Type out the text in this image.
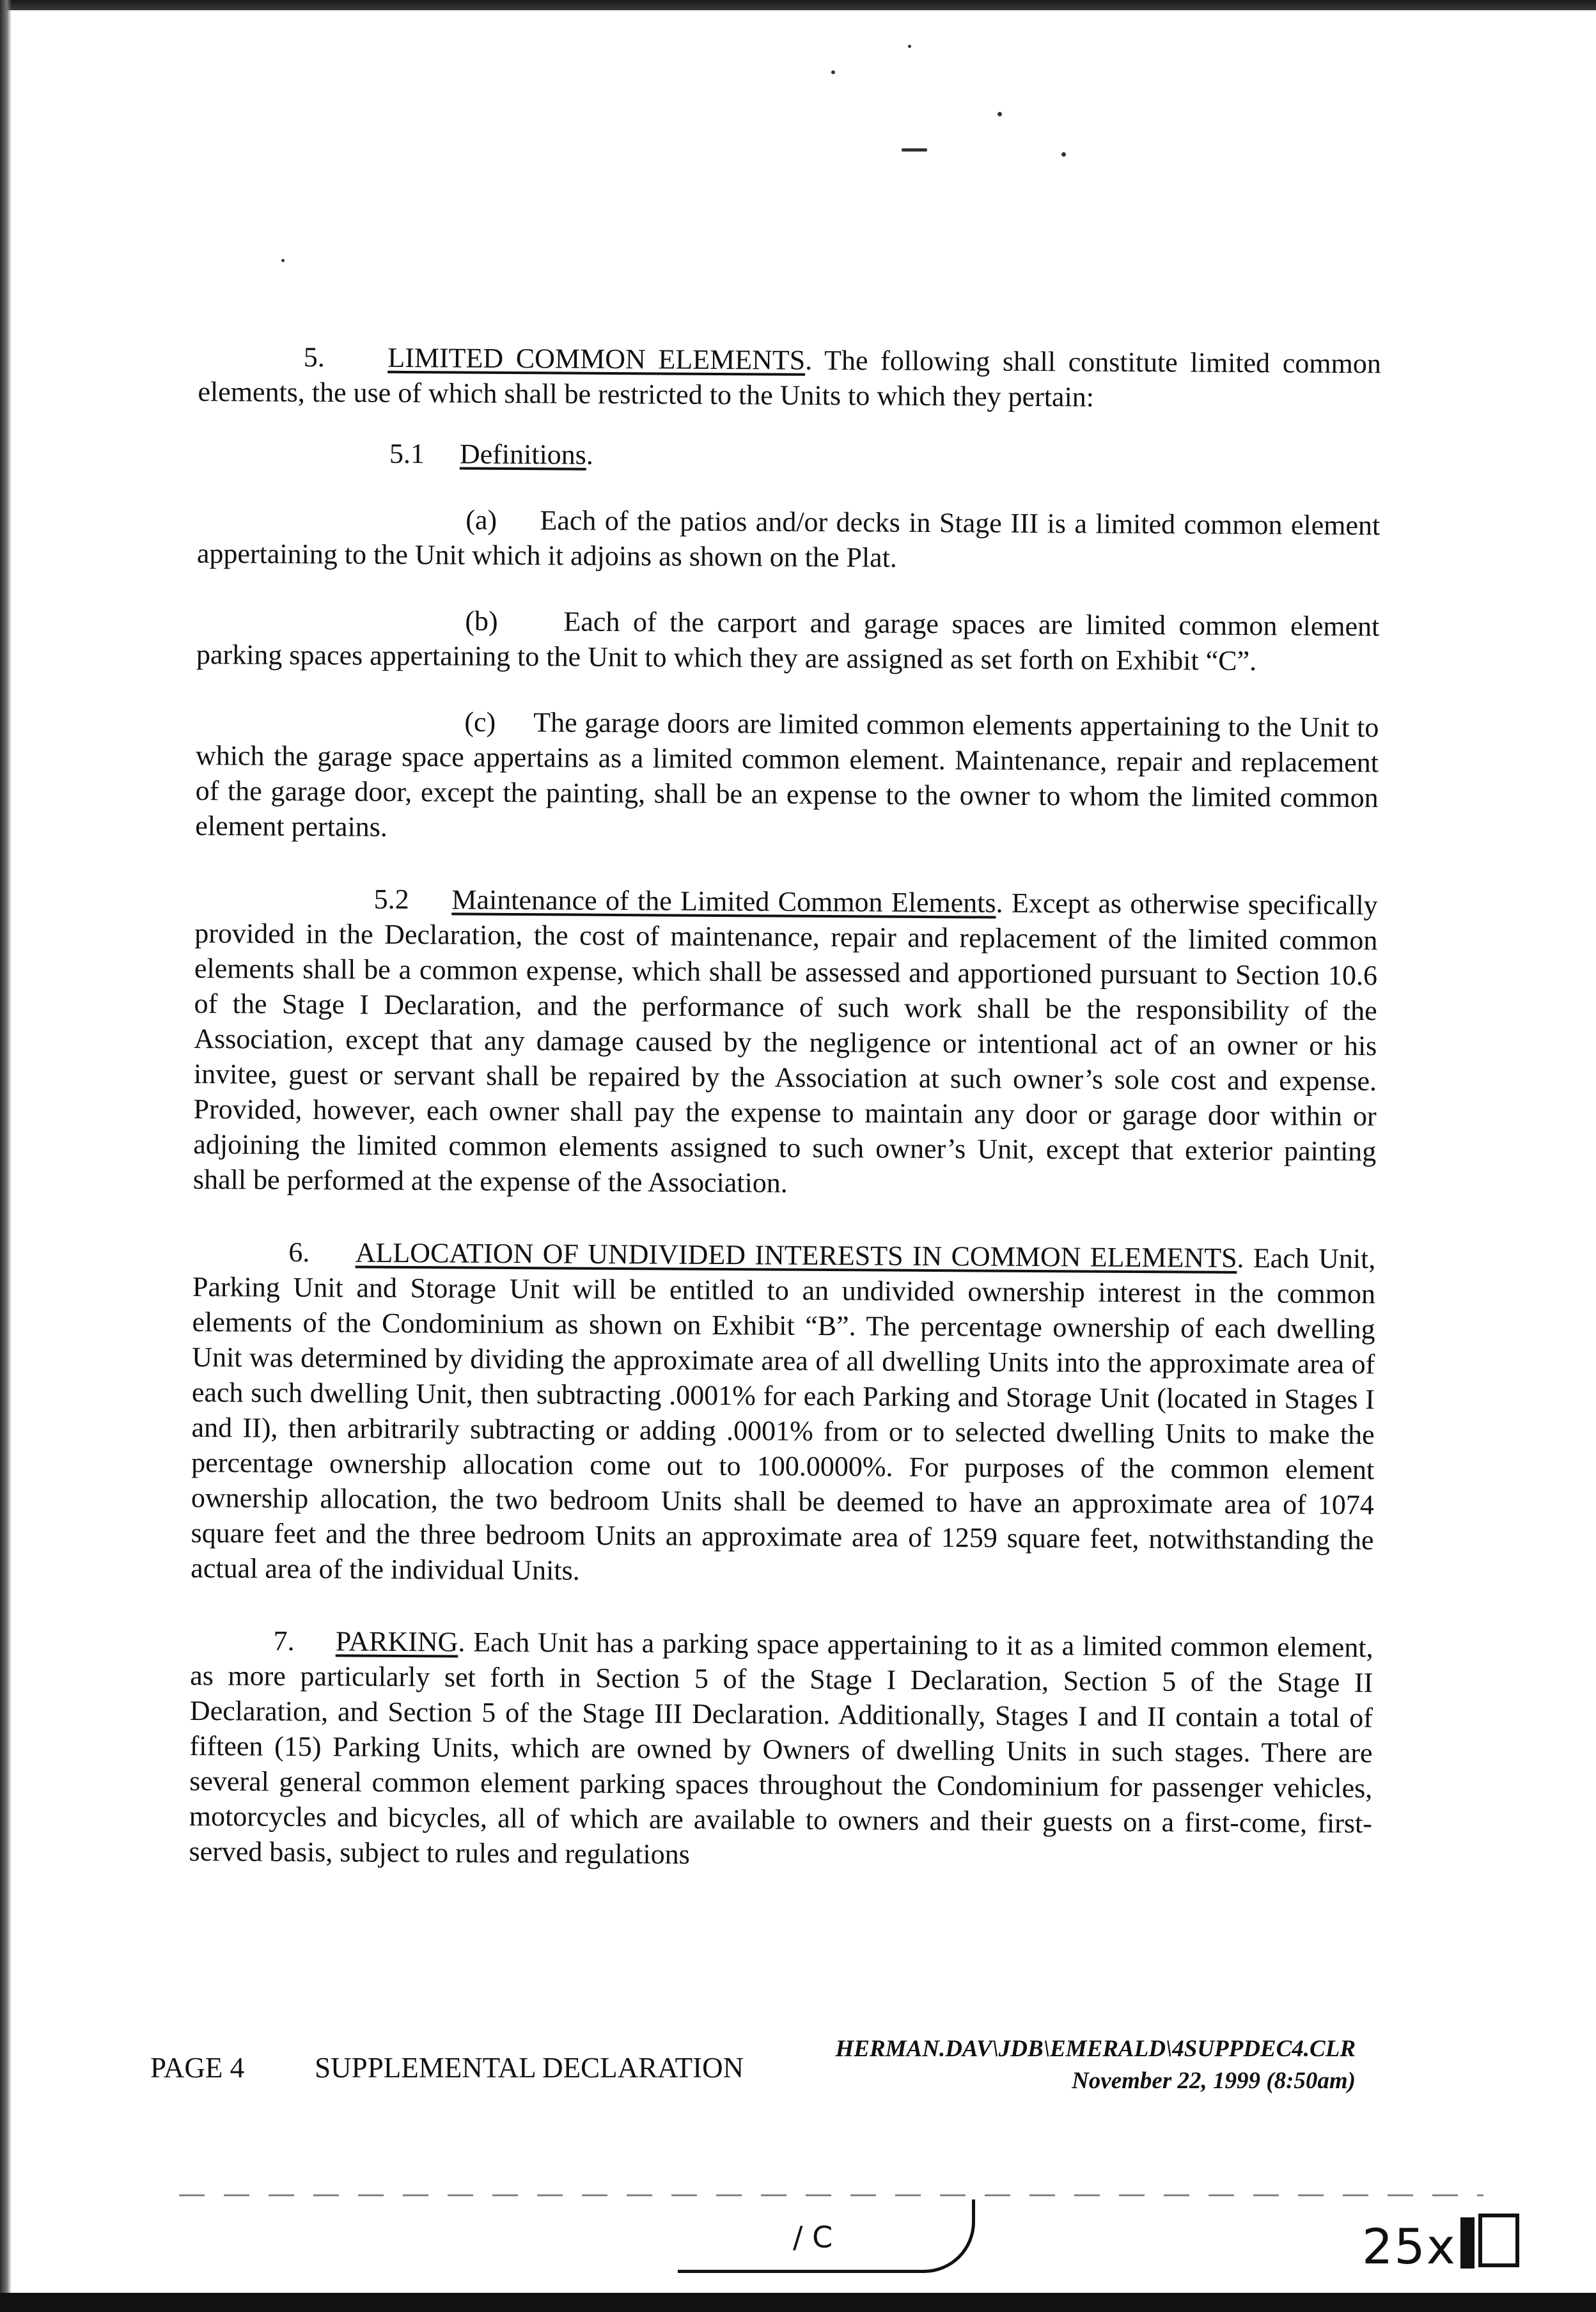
5. LIMITED COMMON ELEMENTS. The following shall constitute limited common elements, the use of which shall be restricted to the Units to which they pertain:

5.1 Definitions.

(a) Each of the patios and/or decks in Stage III is a limited common element appertaining to the Unit which it adjoins as shown on the Plat.

(b) Each of the carport and garage spaces are limited common element parking spaces appertaining to the Unit to which they are assigned as set forth on Exhibit “C”.

(c) The garage doors are limited common elements appertaining to the Unit to which the garage space appertains as a limited common element. Maintenance, repair and replacement of the garage door, except the painting, shall be an expense to the owner to whom the limited common element pertains.

5.2 Maintenance of the Limited Common Elements. Except as otherwise specifically provided in the Declaration, the cost of maintenance, repair and replacement of the limited common elements shall be a common expense, which shall be assessed and apportioned pursuant to Section 10.6 of the Stage I Declaration, and the performance of such work shall be the responsibility of the Association, except that any damage caused by the negligence or intentional act of an owner or his invitee, guest or servant shall be repaired by the Association at such owner’s sole cost and expense. Provided, however, each owner shall pay the expense to maintain any door or garage door within or adjoining the limited common elements assigned to such owner’s Unit, except that exterior painting shall be performed at the expense of the Association.

6. ALLOCATION OF UNDIVIDED INTERESTS IN COMMON ELEMENTS. Each Unit, Parking Unit and Storage Unit will be entitled to an undivided ownership interest in the common elements of the Condominium as shown on Exhibit “B”. The percentage ownership of each dwelling Unit was determined by dividing the approximate area of all dwelling Units into the approximate area of each such dwelling Unit, then subtracting .0001% for each Parking and Storage Unit (located in Stages I and II), then arbitrarily subtracting or adding .0001% from or to selected dwelling Units to make the percentage ownership allocation come out to 100.0000%. For purposes of the common element ownership allocation, the two bedroom Units shall be deemed to have an approximate area of 1074 square feet and the three bedroom Units an approximate area of 1259 square feet, notwithstanding the actual area of the individual Units.

7. PARKING. Each Unit has a parking space appertaining to it as a limited common element, as more particularly set forth in Section 5 of the Stage I Declaration, Section 5 of the Stage II Declaration, and Section 5 of the Stage III Declaration. Additionally, Stages I and II contain a total of fifteen (15) Parking Units, which are owned by Owners of dwelling Units in such stages. There are several general common element parking spaces throughout the Condominium for passenger vehicles, motorcycles and bicycles, all of which are available to owners and their guests on a first-come, first-served basis, subject to rules and regulations

PAGE 4 SUPPLEMENTAL DECLARATION
HERMAN.DAV\JDB\EMERALD\4SUPPDEC4.CLR
November 22, 1999 (8:50am)
/ C	25x
